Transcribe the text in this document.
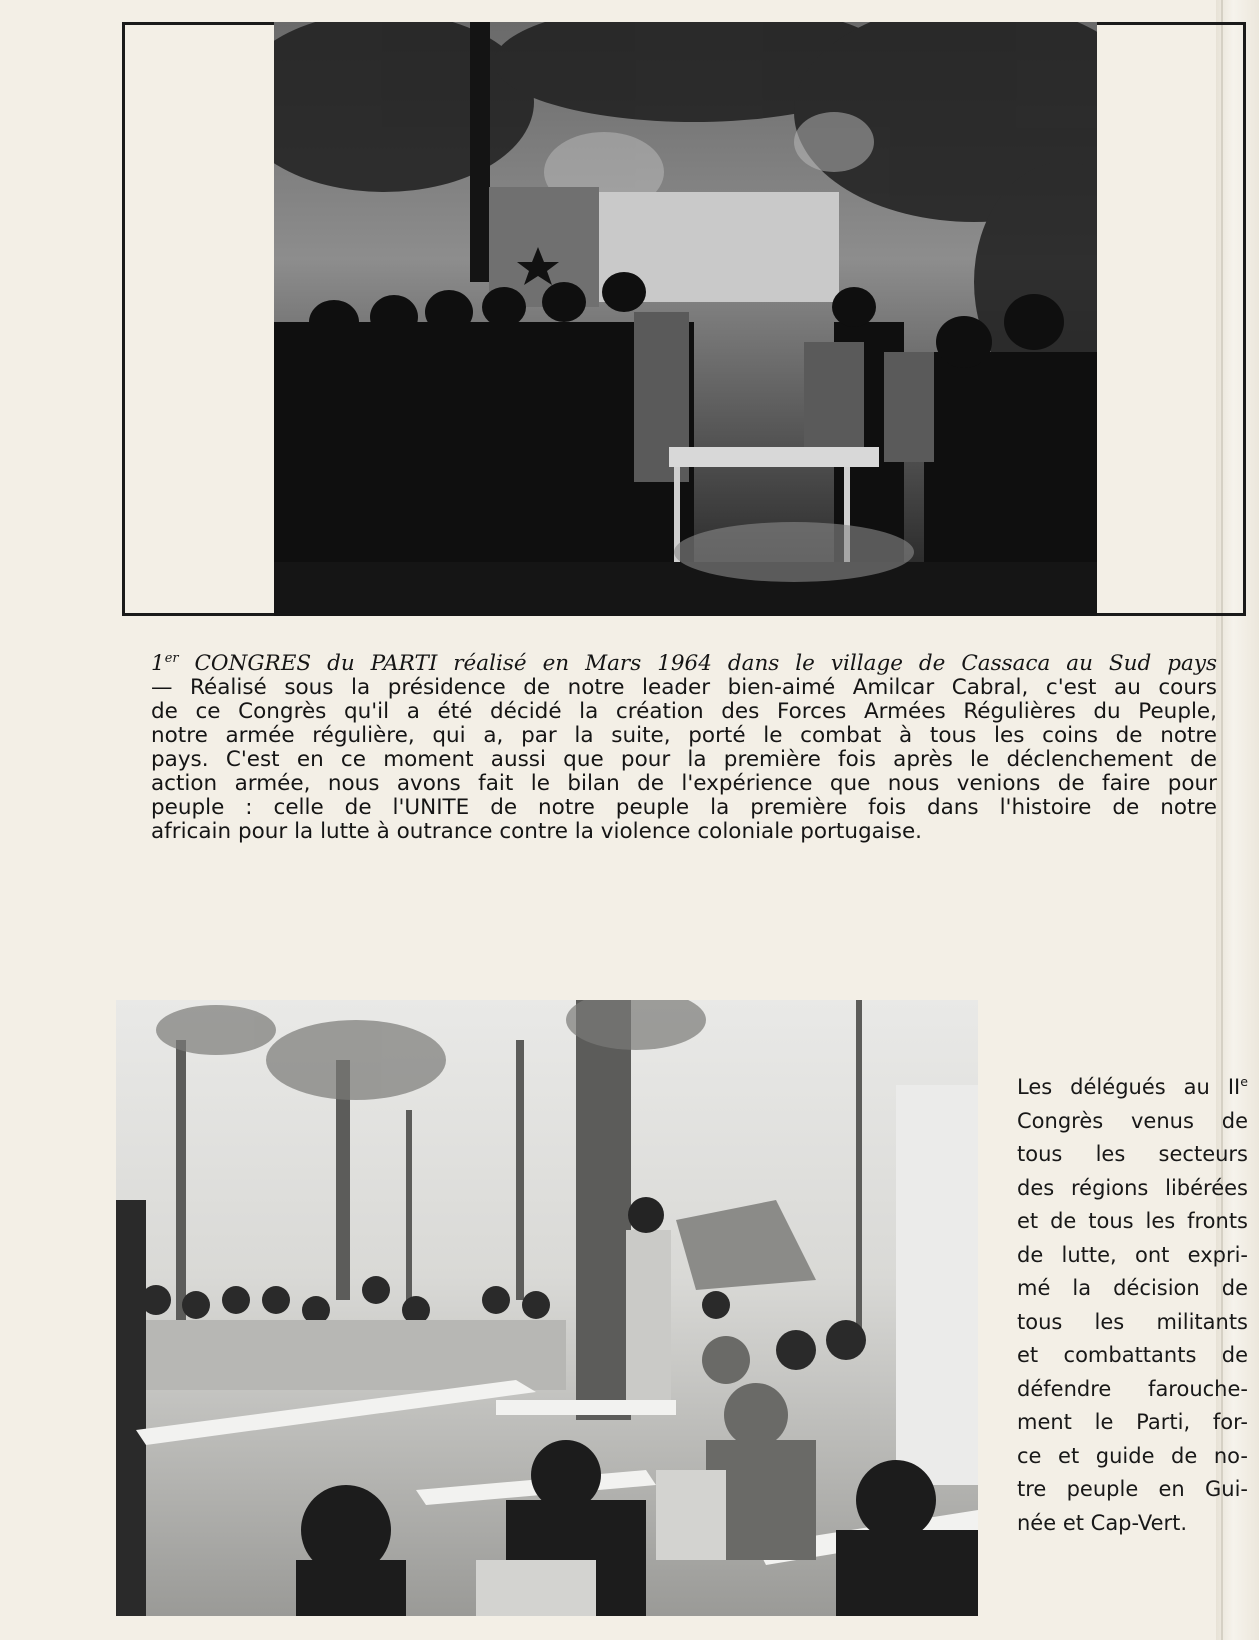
1er CONGRES du PARTI réalisé en Mars 1964 dans le village de Cassaca au Sud pays
— Réalisé sous la présidence de notre leader bien-aimé Amilcar Cabral, c'est au cours
de ce Congrès qu'il a été décidé la création des Forces Armées Régulières du Peuple,
notre armée régulière, qui a, par la suite, porté le combat à tous les coins de notre
pays. C'est en ce moment aussi que pour la première fois après le déclenchement de
action armée, nous avons fait le bilan de l'expérience que nous venions de faire pour
peuple : celle de l'UNITE de notre peuple la première fois dans l'histoire de notre
africain pour la lutte à outrance contre la violence coloniale portugaise.
Les délégués au IIe
Congrès venus de
tous les secteurs
des régions libérées
et de tous les fronts
de lutte, ont expri-
mé la décision de
tous les militants
et combattants de
défendre farouche-
ment le Parti, for-
ce et guide de no-
tre peuple en Gui-
née et Cap-Vert.
